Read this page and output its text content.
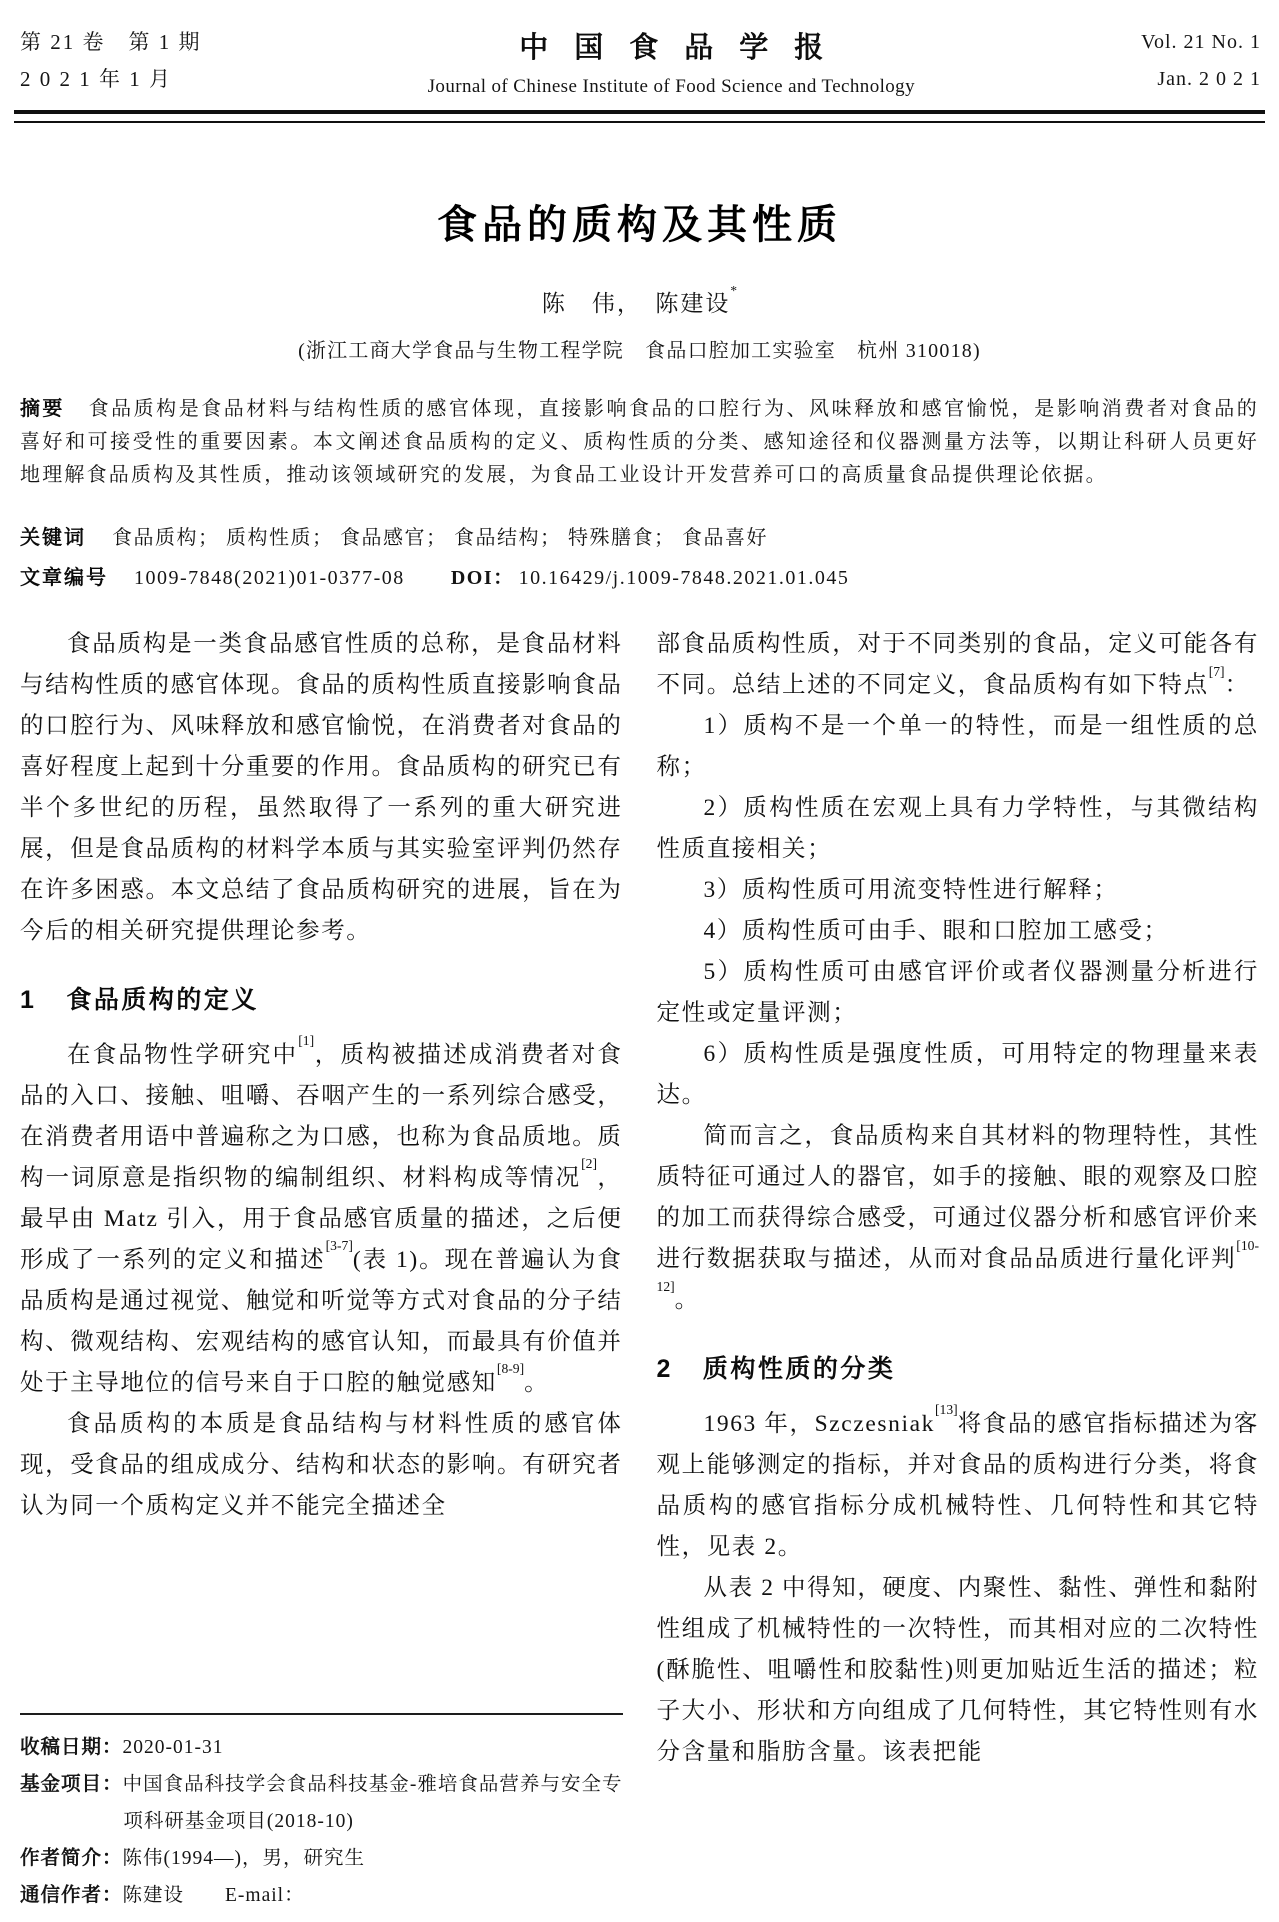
第 21 卷　第 1 期
2 0 2 1 年 1 月
中国食品学报
Journal of Chinese Institute of Food Science and Technology
Vol. 21 No. 1
Jan. 2 0 2 1
食品的质构及其性质
陈　伟，　陈建设*
(浙江工商大学食品与生物工程学院　食品口腔加工实验室　杭州 310018)
摘要 食品质构是食品材料与结构性质的感官体现，直接影响食品的口腔行为、风味释放和感官愉悦，是影响消费者对食品的喜好和可接受性的重要因素。本文阐述食品质构的定义、质构性质的分类、感知途径和仪器测量方法等，以期让科研人员更好地理解食品质构及其性质，推动该领域研究的发展，为食品工业设计开发营养可口的高质量食品提供理论依据。
关键词 食品质构； 质构性质； 食品感官； 食品结构； 特殊膳食； 食品喜好
文章编号 1009-7848(2021)01-0377-08 DOI： 10.16429/j.1009-7848.2021.01.045

食品质构是一类食品感官性质的总称，是食品材料与结构性质的感官体现。食品的质构性质直接影响食品的口腔行为、风味释放和感官愉悦，在消费者对食品的喜好程度上起到十分重要的作用。食品质构的研究已有半个多世纪的历程，虽然取得了一系列的重大研究进展，但是食品质构的材料学本质与其实验室评判仍然存在许多困惑。本文总结了食品质构研究的进展，旨在为今后的相关研究提供理论参考。

1 食品质构的定义

在食品物性学研究中[1]，质构被描述成消费者对食品的入口、接触、咀嚼、吞咽产生的一系列综合感受，在消费者用语中普遍称之为口感，也称为食品质地。质构一词原意是指织物的编制组织、材料构成等情况[2]，最早由 Matz 引入，用于食品感官质量的描述，之后便形成了一系列的定义和描述[3-7](表 1)。现在普遍认为食品质构是通过视觉、触觉和听觉等方式对食品的分子结构、微观结构、宏观结构的感官认知，而最具有价值并处于主导地位的信号来自于口腔的触觉感知[8-9]。

食品质构的本质是食品结构与材料性质的感官体现，受食品的组成成分、结构和状态的影响。有研究者认为同一个质构定义并不能完全描述全

收稿日期：2020-01-31
基金项目：中国食品科技学会食品科技基金-雅培食品营养与安全专项科研基金项目(2018-10)
作者简介：陈伟(1994—)，男，研究生
通信作者：陈建设　　E-mail：

部食品质构性质，对于不同类别的食品，定义可能各有不同。总结上述的不同定义，食品质构有如下特点[7]：

1）质构不是一个单一的特性，而是一组性质的总称；

2）质构性质在宏观上具有力学特性，与其微结构性质直接相关；

3）质构性质可用流变特性进行解释；

4）质构性质可由手、眼和口腔加工感受；

5）质构性质可由感官评价或者仪器测量分析进行定性或定量评测；

6）质构性质是强度性质，可用特定的物理量来表达。

简而言之，食品质构来自其材料的物理特性，其性质特征可通过人的器官，如手的接触、眼的观察及口腔的加工而获得综合感受，可通过仪器分析和感官评价来进行数据获取与描述，从而对食品品质进行量化评判[10-12]。

2 质构性质的分类

1963 年，Szczesniak[13]将食品的感官指标描述为客观上能够测定的指标，并对食品的质构进行分类，将食品质构的感官指标分成机械特性、几何特性和其它特性，见表 2。

从表 2 中得知，硬度、内聚性、黏性、弹性和黏附性组成了机械特性的一次特性，而其相对应的二次特性(酥脆性、咀嚼性和胶黏性)则更加贴近生活的描述；粒子大小、形状和方向组成了几何特性，其它特性则有水分含量和脂肪含量。该表把能
